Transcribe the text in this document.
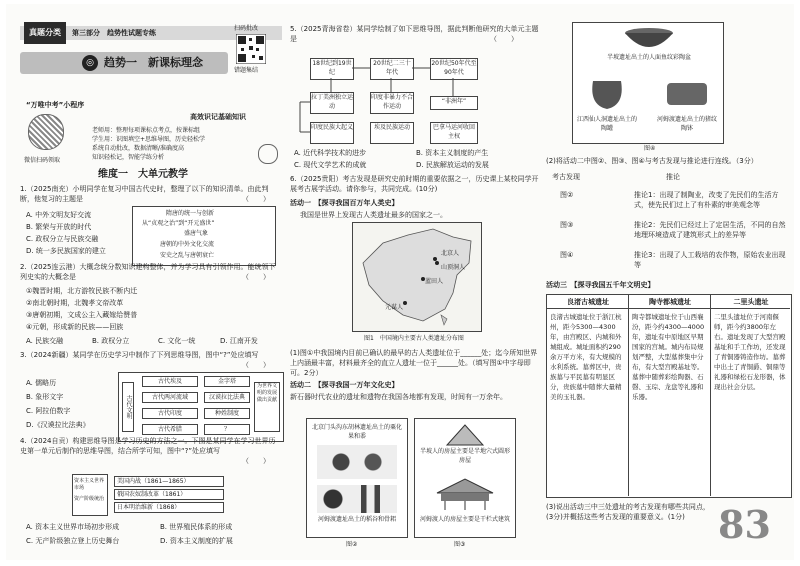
真题分类	第三部分　趋势性试题专练
扫码批改
错题集结
◎ 趋势一　新课标理念
“万唯中考”小程序
高效识记基础知识
老师用：整理每项课标点考点，按课标组
学生用：识图填空+思维导图，历史轻松学
系统自动批改，数据清晰/准确度高
知识轻松记，智能学练分析
微信扫码领取
维度一　大单元教学
1.（2025南充）小明同学在复习中国古代史时，整理了以下的知识清单。由此判断，他复习的主题是	（　　）
隋唐的统一与创新
从“贞观之治”到“开元盛世”
盛唐气象
唐朝的中外文化交流
安史之乱与唐朝衰亡
A. 中外文明友好交流
B. 繁荣与开放的时代
C. 政权分立与民族交融
D. 统一多民族国家的建立
2.（2025连云港）大概念统分数知识建构整体，并为学习具有引领作用。能统领下列史实的大概念是	（　　）
①魏晋时期，北方游牧民族不断内迁
②南北朝时期，北魏孝文帝改革
③唐朝初期，文成公主入藏嫁给赞普
④元朝，形成新的民族——回族
A. 民族交融	B. 政权分立	C. 文化一统	D. 江南开发
3.（2024新疆）某同学在历史学习中制作了下列思维导图，图中“?”处应填写
（　　）
古代文明
古代埃及	金字塔
古代两河流域	汉谟拉比法典
古代印度	种姓制度
古代希腊	？
为世界文明的发展做出贡献
A. 儒略历
B. 象形文字
C. 阿拉伯数字
D.《汉谟拉比法典》
4.（2024自贡）构建思维导图是学习历史的方法之一。下图是某同学在学习世界历史第一单元后制作的思维导图，结合所学可知，图中“?”处应填写
（　　）
资本主义世界市场
资产阶级统治
美国内战（1861—1865）
俄国农奴制改革（1861）
日本明治维新（1868）
A. 资本主义世界市场初步形成	B. 世界殖民体系的形成
C. 无产阶级独立登上历史舞台	D. 资本主义制度的扩展
5.（2025青海省卷）某同学绘制了如下思维导图，据此判断他研究的大单元主题是	（　　）
18世纪到19世纪
20世纪二三十年代
20世纪50年代至90年代
拉丁美洲独立运动
印度非暴力不合作运动
“非洲年”
印度民族大起义	埃及民族运动	巴拿马运河收回主权
A. 近代科学技术的进步	B. 资本主义制度的产生
C. 现代文学艺术的成就	D. 民族解放运动的发展
6.（2025贵阳）考古发现是研究史前时期的重要依据之一，历史课上某校同学开展考古展学活动。请你参与，共同完成。(10分)
活动一　【探寻我国百万年人类史】
我国是世界上发现古人类遗址最多的国家之一。
元谋人
北京人
山顶洞人
蓝田人
图1　中国境内主要古人类遗址分布图
(1)图①中我国境内目前已确认的最早的古人类遗址位于______处；迄今所知世界上内涵最丰富，材料最齐全的直立人遗址一位于______处。（填写图①中字母即可。2分）
活动二　【探寻我国一万年文化史】
新石器时代农业的遗址和遗物在我国各地都有发现，时间有一万余年。
北京门头沟东胡林遗址出土的粟化果和黍
河姆渡遗址出土的稻谷和骨耜
图②
半坡人的房屋主要是半地穴式圆形房屋
河姆渡人的房屋主要是干栏式建筑
图③
半坡遗址出土的人面鱼纹彩陶盆
江西仙人洞遗址出土的陶罐
河姆渡遗址出土的猪纹陶钵
图④
(2)将活动二中图②、图③、图④与考古发现与推论进行连线。（3分）
考古发现	推论
图②	推论1：出现了制陶业，改变了先民们的生活方式，使先民们过上了有朴素的审美观念等
图③	推论2：先民们已经过上了定居生活，不同的自然地理环境造成了建筑形式上的差异等
图④	推论3：出现了人工栽培的农作物，原始农业出现等
活动三　【探寻我国五千年文明史】
良渚古城遗址	陶寺都城遗址	二里头遗址
良渚古城遗址位于浙江杭州，距今5300—4300年，由宫殿区、内城和外城组成。城址面积约290余万平方米，有大规模的水利系统。墓葬区中，贵族墓与平民墓有明显区分，贵族墓中随葬大量精美的玉礼器。
陶寺都城遗址位于山西襄汾，距今约4300—4000年，遗址有中原地区早期国家的宫城。城内布局规划严整，大型墓葬集中分布，有大型宫殿基址等。墓葬中随葬彩绘陶器、石磬、玉琮、龙盘等礼器和乐器。
二里头遗址位于河南偃师，距今约3800年左右。遗址发现了大型宫殿基址和手工作坊，还发现了青铜器铸造作坊。墓葬中出土了青铜爵、铜鼎等礼器和绿松石龙形器，体现出社会分层。
(3)说出活动三中三处遗址的考古发现有哪些共同点，(3分)并概括这些考古发现的重要意义。(1分) 83
